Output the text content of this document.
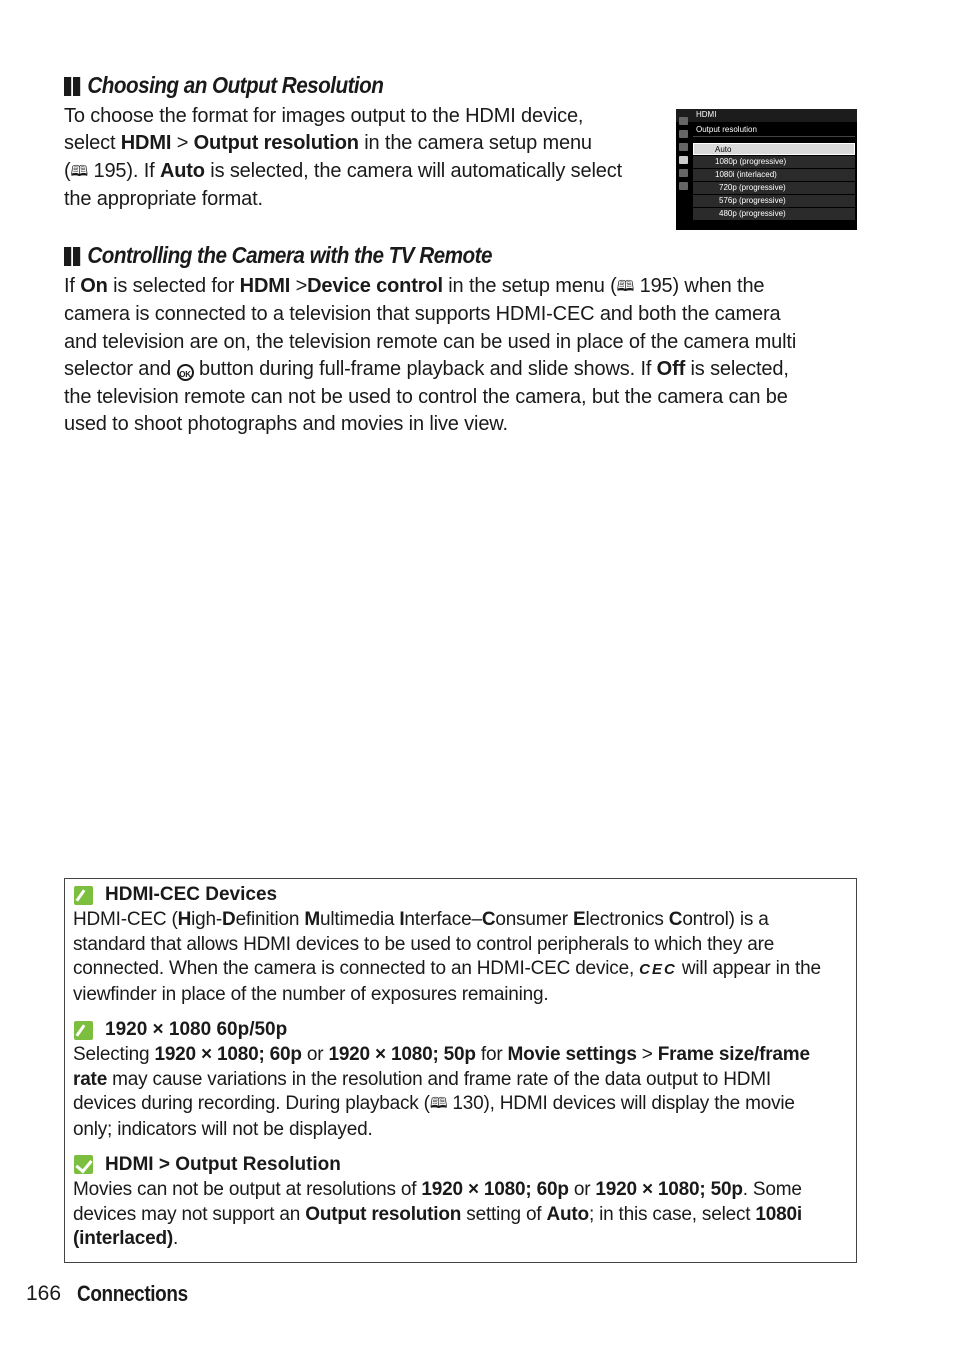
Choosing an Output Resolution
To choose the format for images output to the HDMI device,
select HDMI > Output resolution in the camera setup menu
(🕮 195). If Auto is selected, the camera will automatically select
the appropriate format.
HDMI
Output resolution
Auto
1080p (progressive)
1080i (interlaced)
720p (progressive)
576p (progressive)
480p (progressive)
Controlling the Camera with the TV Remote
If On is selected for HDMI >Device control in the setup menu (🕮 195) when the
camera is connected to a television that supports HDMI-CEC and both the camera
and television are on, the television remote can be used in place of the camera multi
selector and OK button during full-frame playback and slide shows. If Off is selected,
the television remote can not be used to control the camera, but the camera can be
used to shoot photographs and movies in live view.
HDMI-CEC Devices
HDMI-CEC (High-Definition Multimedia Interface–Consumer Electronics Control) is a
standard that allows HDMI devices to be used to control peripherals to which they are
connected. When the camera is connected to an HDMI-CEC device, CEC will appear in the
viewfinder in place of the number of exposures remaining.
1920 × 1080 60p/50p
Selecting 1920 × 1080; 60p or 1920 × 1080; 50p for Movie settings > Frame size/frame
rate may cause variations in the resolution and frame rate of the data output to HDMI
devices during recording. During playback (🕮 130), HDMI devices will display the movie
only; indicators will not be displayed.
HDMI > Output Resolution
Movies can not be output at resolutions of 1920 × 1080; 60p or 1920 × 1080; 50p. Some
devices may not support an Output resolution setting of Auto; in this case, select 1080i
(interlaced).
166 Connections
